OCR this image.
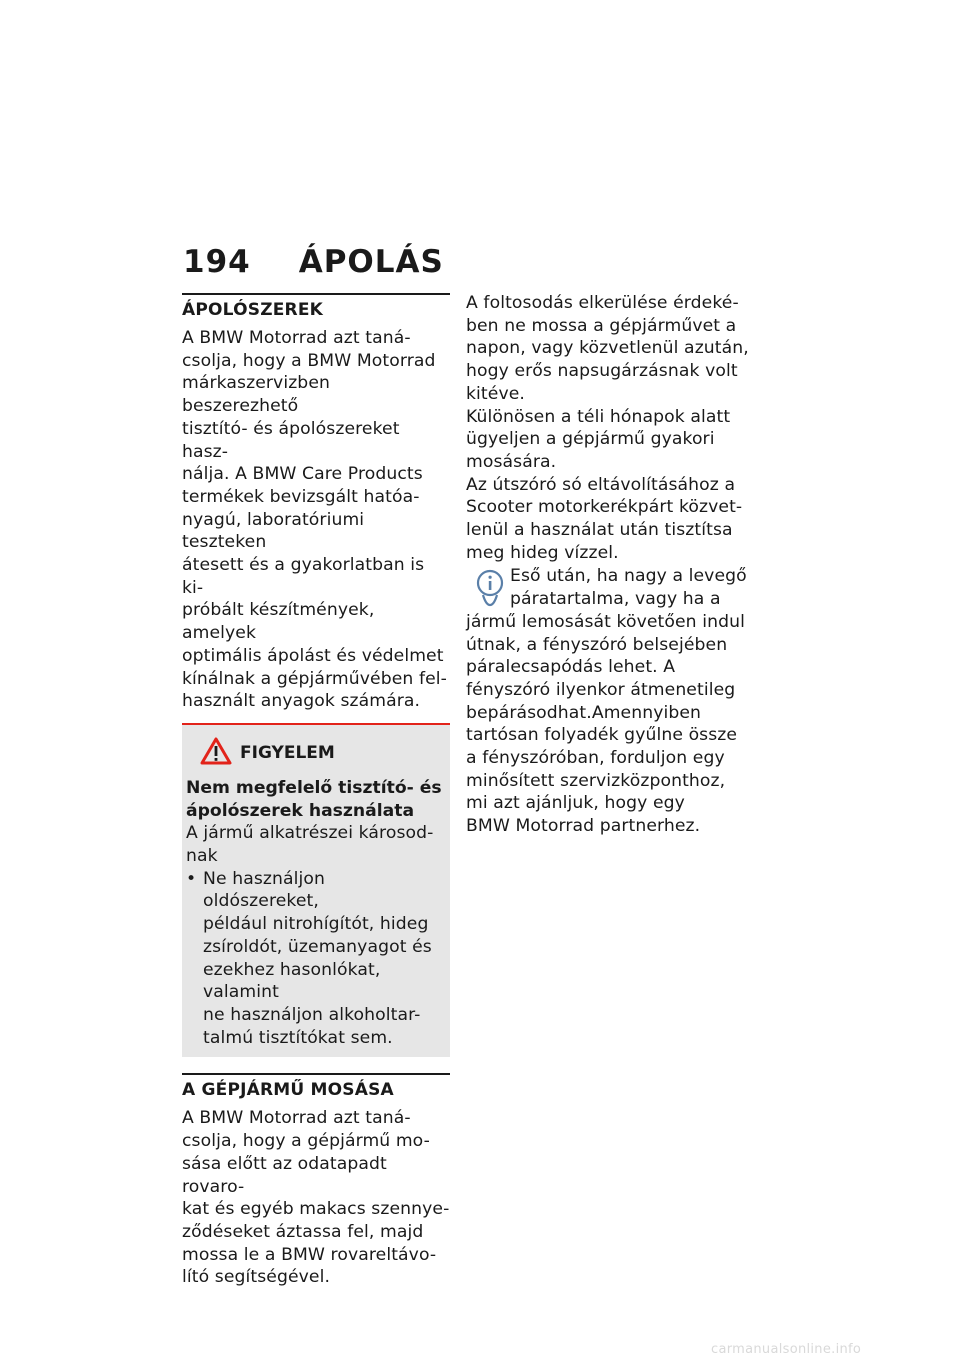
194 ÁPOLÁS
ÁPOLÓSZEREK

A BMW Motorrad azt taná-
csolja, hogy a BMW Motorrad
márkaszervizben beszerezhető
tisztító- és ápolószereket hasz-
nálja. A BMW Care Products
termékek bevizsgált hatóa-
nyagú, laboratóriumi teszteken
átesett és a gyakorlatban is ki-
próbált készítmények, amelyek
optimális ápolást és védelmet
kínálnak a gépjárművében fel-
használt anyagok számára.

FIGYELEM
Nem megfelelő tisztító- és
ápolószerek használata

A jármű alkatrészei károsod-
nak

• Ne használjon oldószereket,
például nitrohígítót, hideg
zsíroldót, üzemanyagot és
ezekhez hasonlókat, valamint
ne használjon alkoholtar-
talmú tisztítókat sem.

A GÉPJÁRMŰ MOSÁSA

A BMW Motorrad azt taná-
csolja, hogy a gépjármű mo-
sása előtt az odatapadt rovaro-
kat és egyéb makacs szennye-
ződéseket áztassa fel, majd
mossa le a BMW rovareltávo-
lító segítségével.

A foltosodás elkerülése érdeké-
ben ne mossa a gépjárművet a
napon, vagy közvetlenül azután,
hogy erős napsugárzásnak volt
kitéve.
Különösen a téli hónapok alatt
ügyeljen a gépjármű gyakori
mosására.
Az útszóró só eltávolításához a
Scooter motorkerékpárt közvet-
lenül a használat után tisztítsa
meg hideg vízzel.

Eső után, ha nagy a levegő
páratartalma, vagy ha a

jármű lemosását követően indul
útnak, a fényszóró belsejében
páralecsapódás lehet. A
fényszóró ilyenkor átmenetileg
bepárásodhat.Amennyiben
tartósan folyadék gyűlne össze
a fényszóróban, forduljon egy
minősített szervizközponthoz,
mi azt ajánljuk, hogy egy
BMW Motorrad partnerhez.

carmanualsonline.info
